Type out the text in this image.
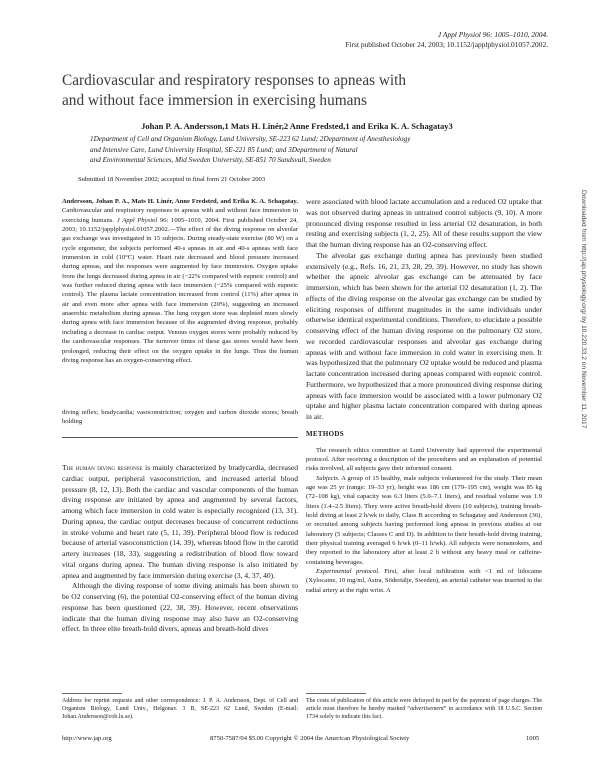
J Appl Physiol 96: 1005–1010, 2004.
First published October 24, 2003; 10.1152/japplphysiol.01057.2002.
Cardiovascular and respiratory responses to apneas with
and without face immersion in exercising humans
Johan P. A. Andersson,1 Mats H. Linér,2 Anne Fredsted,1 and Erika K. A. Schagatay3
1Department of Cell and Organism Biology, Lund University, SE-223 62 Lund; 2Department of Anesthesiology
and Intensive Care, Lund University Hospital, SE-221 85 Lund; and 3Department of Natural
and Environmental Sciences, Mid Sweden University, SE-851 70 Sundsvall, Sweden
Submitted 18 November 2002; accepted in final form 21 October 2003
Andersson, Johan P. A., Mats H. Linér, Anne Fredsted, and Erika K. A. Schagatay. Cardiovascular and respiratory responses to apneas with and without face immersion in exercising humans. J Appl Physiol 96: 1005–1010, 2004. First published October 24, 2003; 10.1152/japplphysiol.01057.2002.—The effect of the diving response on alveolar gas exchange was investigated in 15 subjects. During steady-state exercise (80 W) on a cycle ergometer, the subjects performed 40-s apneas in air and 40-s apneas with face immersion in cold (10°C) water. Heart rate decreased and blood pressure increased during apneas, and the responses were augmented by face immersion. Oxygen uptake from the lungs decreased during apnea in air (−22% compared with eupneic control) and was further reduced during apnea with face immersion (−25% compared with eupneic control). The plasma lactate concentration increased from control (11%) after apnea in air and even more after apnea with face immersion (20%), suggesting an increased anaerobic metabolism during apneas. The lung oxygen store was depleted more slowly during apnea with face immersion because of the augmented diving response, probably including a decrease in cardiac output. Venous oxygen stores were probably reduced by the cardiovascular responses. The turnover times of these gas stores would have been prolonged, reducing their effect on the oxygen uptake in the lungs. Thus the human diving response has an oxygen-conserving effect.
diving reflex; bradycardia; vasoconstriction; oxygen and carbon dioxide stores; breath holding

The human diving response is mainly characterized by bradycardia, decreased cardiac output, peripheral vasoconstriction, and increased arterial blood pressure (8, 12, 13). Both the cardiac and vascular components of the human diving response are initiated by apnea and augmented by several factors, among which face immersion in cold water is especially recognized (13, 31). During apnea, the cardiac output decreases because of concurrent reductions in stroke volume and heart rate (5, 11, 39). Peripheral blood flow is reduced because of arterial vasoconstriction (14, 39), whereas blood flow in the carotid artery increases (18, 33), suggesting a redistribution of blood flow toward vital organs during apnea. The human diving response is also initiated by apnea and augmented by face immersion during exercise (3, 4, 37, 40).

Although the diving response of some diving animals has been shown to be O2 conserving (6), the potential O2-conserving effect of the human diving response has been questioned (22, 38, 39). However, recent observations indicate that the human diving response may also have an O2-conserving effect. In three elite breath-hold divers, apneas and breath-hold dives

were associated with blood lactate accumulation and a reduced O2 uptake that was not observed during apneas in untrained control subjects (9, 10). A more pronounced diving response resulted in less arterial O2 desaturation, in both resting and exercising subjects (1, 2, 25). All of these results support the view that the human diving response has an O2-conserving effect.

The alveolar gas exchange during apnea has previously been studied extensively (e.g., Refs. 16, 21, 23, 28, 29, 39). However, no study has shown whether the apneic alveolar gas exchange can be attenuated by face immersion, which has been shown for the arterial O2 desaturation (1, 2). The effects of the diving response on the alveolar gas exchange can be studied by eliciting responses of different magnitudes in the same individuals under otherwise identical experimental conditions. Therefore, to elucidate a possible conserving effect of the human diving response on the pulmonary O2 store, we recorded cardiovascular responses and alveolar gas exchange during apneas with and without face immersion in cold water in exercising men. It was hypothesized that the pulmonary O2 uptake would be reduced and plasma lactate concentration increased during apneas compared with eupneic control. Furthermore, we hypothesized that a more pronounced diving response during apneas with face immersion would be associated with a lower pulmonary O2 uptake and higher plasma lactate concentration compared with during apneas in air.

METHODS

The research ethics committee at Lund University had approved the experimental protocol. After receiving a description of the procedures and an explanation of potential risks involved, all subjects gave their informed consent.

Subjects. A group of 15 healthy, male subjects volunteered for the study. Their mean age was 25 yr (range: 19–33 yr), height was 186 cm (179–195 cm), weight was 85 kg (72–108 kg), vital capacity was 6.3 liters (5.0–7.1 liters), and residual volume was 1.9 liters (1.4–2.5 liters). They were active breath-hold divers (10 subjects), training breath-hold diving at least 2 h/wk to daily, Class B according to Schagatay and Andersson (36), or recruited among subjects having performed long apneas in previous studies at our laboratory (5 subjects; Classes C and D). In addition to their breath-hold diving training, their physical training averaged 6 h/wk (0–11 h/wk). All subjects were nonsmokers, and they reported to the laboratory after at least 2 h without any heavy meal or caffeine-containing beverages.

Experimental protocol. First, after local infiltration with <1 ml of lidocaine (Xylocaine, 10 mg/ml, Astra, Södertälje, Sweden), an arterial catheter was inserted in the radial artery at the right wrist. A

Address for reprint requests and other correspondence: J. P. A. Andersson, Dept. of Cell and Organism Biology, Lund Univ., Helgonav. 3 B, SE-223 62 Lund, Sweden (E-mail: Johan.Andersson@cob.lu.se).
The costs of publication of this article were defrayed in part by the payment of page charges. The article must therefore be hereby marked “advertisement” in accordance with 18 U.S.C. Section 1734 solely to indicate this fact.
http://www.jap.org	8750-7587/04 $5.00 Copyright © 2004 the American Physiological Society	1005
Downloaded from http://jap.physiology.org/ by 10.220.33.2 on November 11, 2017
